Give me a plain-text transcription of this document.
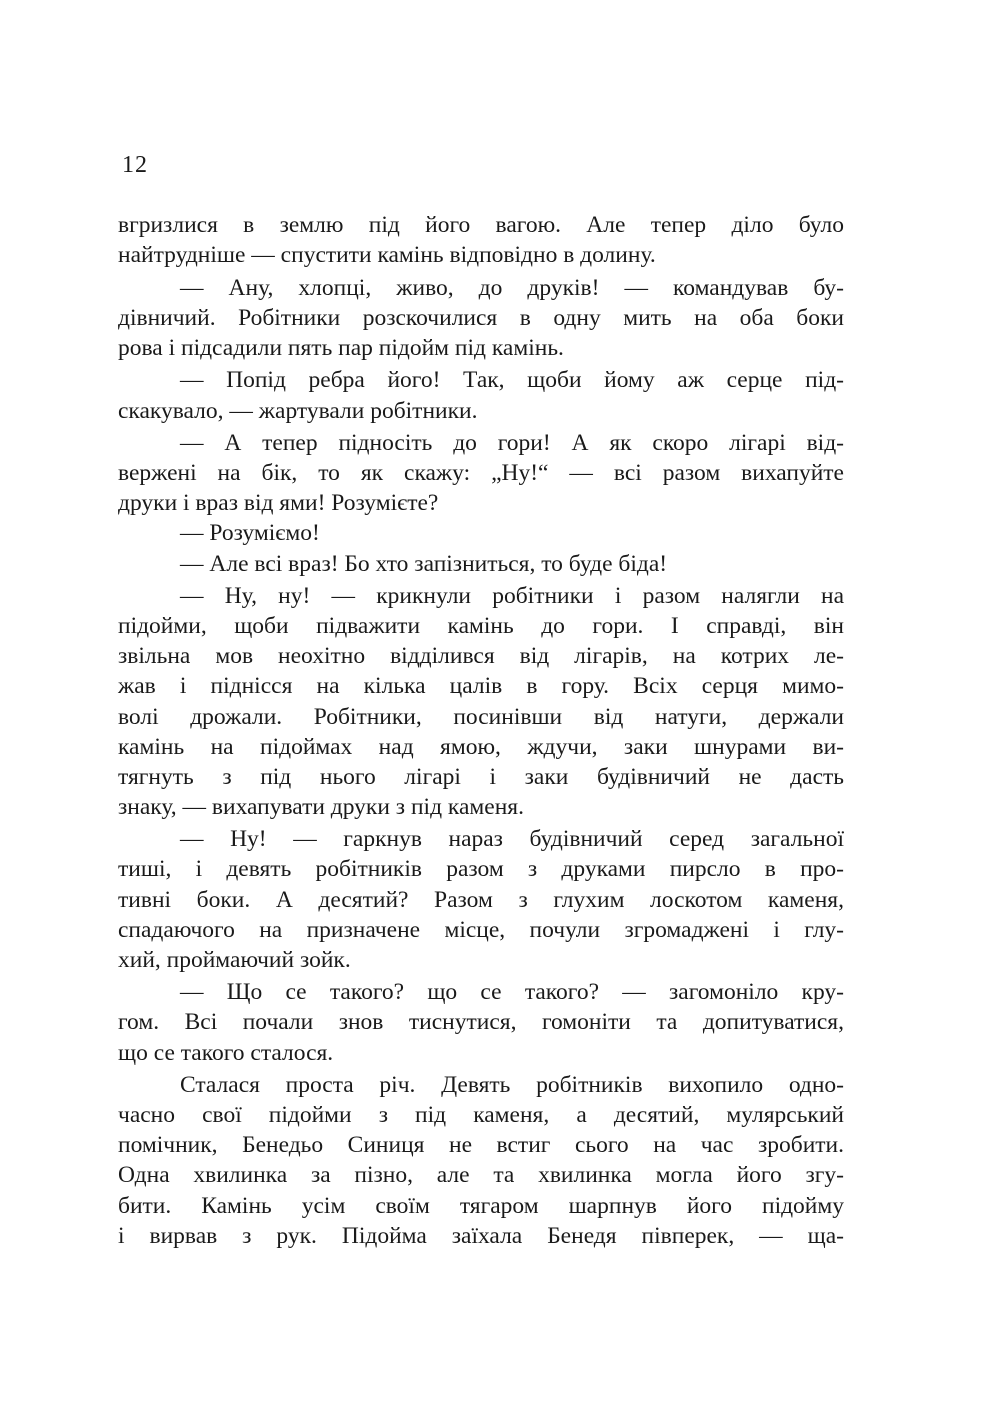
12
вгризлися в землю під його вагою. Але тепер діло було
найтрудніше — спустити камінь відповідно в долину.
— Ану, хлопці, живо, до друків! — командував бу-
дівничий. Робітники розскочилися в одну мить на оба боки
рова і підсадили пять пар підойм під камінь.
— Попід ребра його! Так, щоби йому аж серце під-
скакувало, — жартували робітники.
— А тепер підносіть до гори! А як скоро лігарі від-
вержені на бік, то як скажу: „Ну!“ — всі разом вихапуйте
друки і враз від ями! Розумієте?
— Розуміємо!
— Але всі враз! Бо хто запізниться, то буде біда!
— Ну, ну! — крикнули робітники і разом налягли на
підойми, щоби підважити камінь до гори. І справді, він
звільна мов неохітно відділився від лігарів, на котрих ле-
жав і піднісся на кілька цалів в гору. Всіх серця мимо-
волі дрожали. Робітники, посинівши від натуги, держали
камінь на підоймах над ямою, ждучи, заки шнурами ви-
тягнуть з під нього лігарі і заки будівничий не дасть
знаку, — вихапувати друки з під каменя.
— Ну! — гаркнув нараз будівничий серед загальної
тиші, і девять робітників разом з друками пирсло в про-
тивні боки. А десятий? Разом з глухим лоскотом каменя,
спадаючого на призначене місце, почули згромаджені і глу-
хий, проймаючий зойк.
— Що се такого? що се такого? — загомоніло кру-
гом. Всі почали знов тиснутися, гомоніти та допитуватися,
що се такого сталося.
Сталася проста річ. Девять робітників вихопило одно-
часно свої підойми з під каменя, а десятий, мулярський
помічник, Бенедьо Синиця не встиг сього на час зробити.
Одна хвилинка за пізно, але та хвилинка могла його згу-
бити. Камінь усім своїм тягаром шарпнув його підойму
і вирвав з рук. Підойма заїхала Бенедя півперек, — ща-
